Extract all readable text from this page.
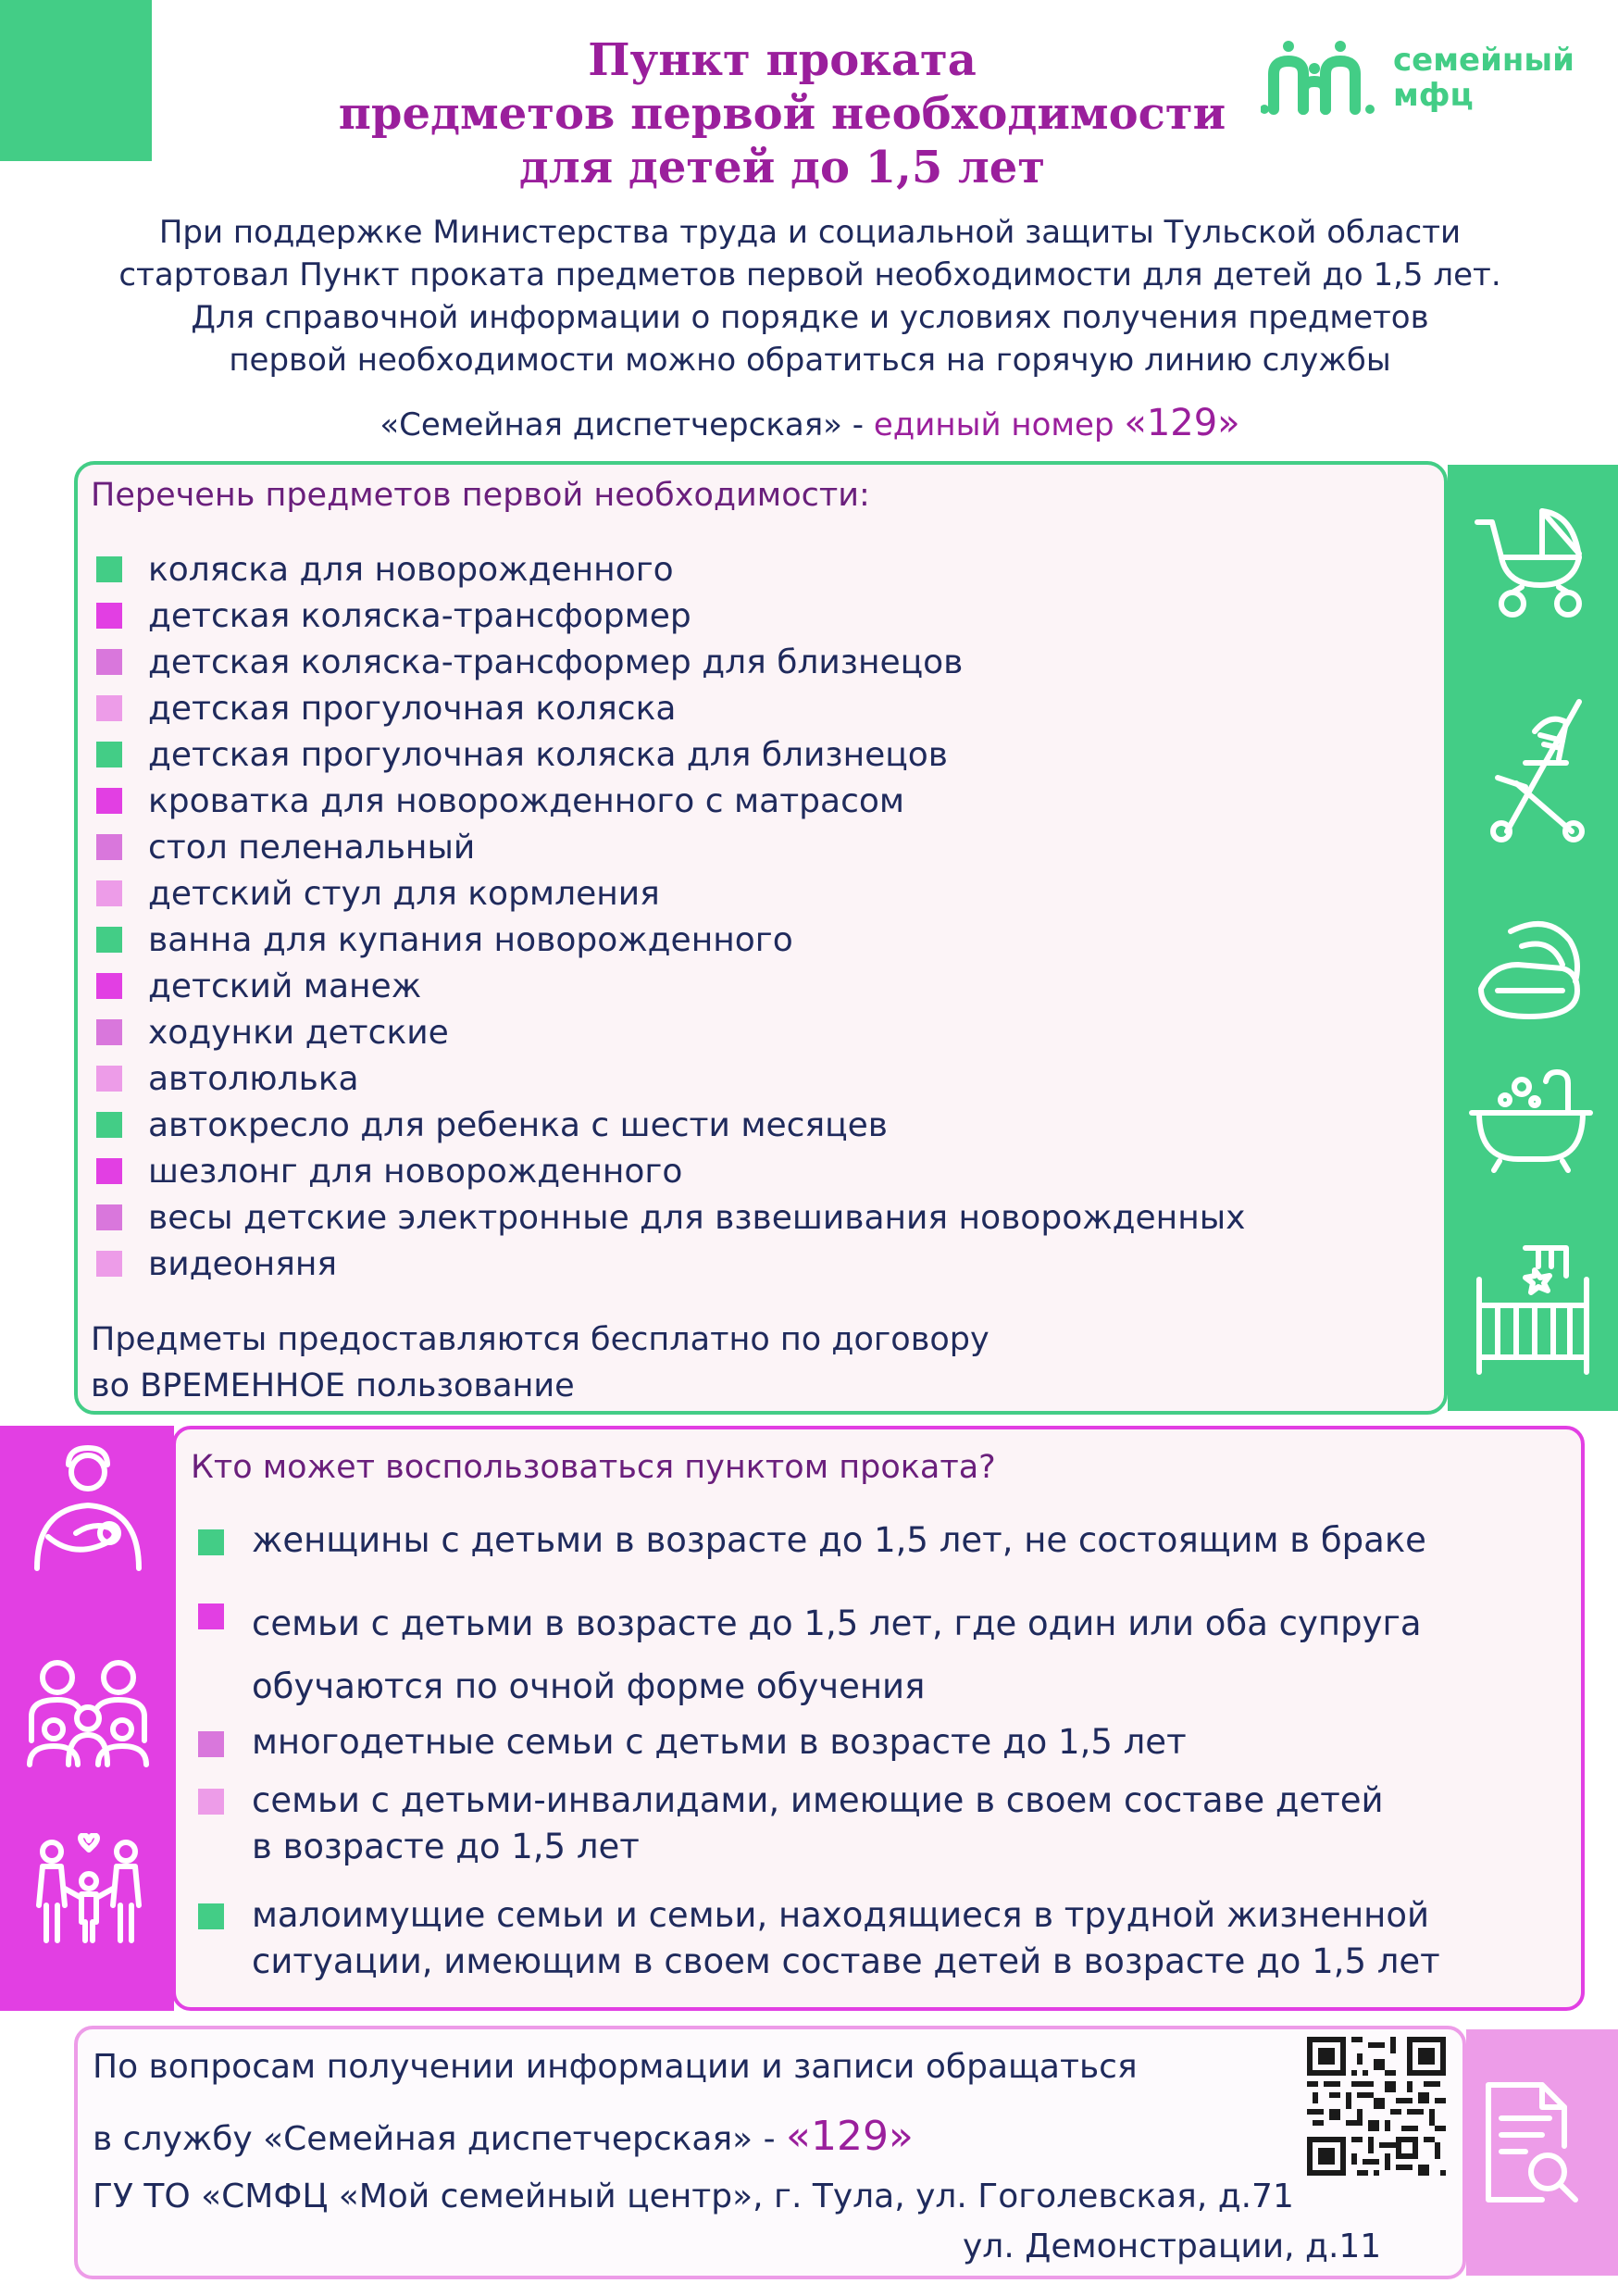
Пункт проката
предметов первой необходимости
для детей до 1,5 лет
семейный
мфц
При поддержке Министерства труда и социальной защиты Тульской области
стартовал Пункт проката предметов первой необходимости для детей до 1,5 лет.
Для справочной информации о порядке и условиях получения предметов
первой необходимости можно обратиться на горячую линию службы
«Семейная диспетчерская» - единый номер «129»
Перечень предметов первой необходимости:
коляска для новорожденного
детская коляска-трансформер
детская коляска-трансформер для близнецов
детская прогулочная коляска
детская прогулочная коляска для близнецов
кроватка для новорожденного с матрасом
стол пеленальный
детский стул для кормления
ванна для купания новорожденного
детский манеж
ходунки детские
автолюлька
автокресло для ребенка с шести месяцев
шезлонг для новорожденного
весы детские электронные для взвешивания новорожденных
видеоняня
Предметы предоставляются бесплатно по договору
во ВРЕМЕННОЕ пользование
Кто может воспользоваться пунктом проката?
женщины с детьми в возрасте до 1,5 лет, не состоящим в браке
семьи с детьми в возрасте до 1,5 лет, где один или оба супруга
обучаются по очной форме обучения
многодетные семьи с детьми в возрасте до 1,5 лет
семьи с детьми-инвалидами, имеющие в своем составе детей
в возрасте до 1,5 лет
малоимущие семьи и семьи, находящиеся в трудной жизненной
ситуации, имеющим в своем составе детей в возрасте до 1,5 лет
По вопросам получении информации и записи обращаться
в службу «Семейная диспетчерская» - «129»
ГУ ТО «СМФЦ «Мой семейный центр», г. Тула, ул. Гоголевская, д.71
ул. Демонстрации, д.11
